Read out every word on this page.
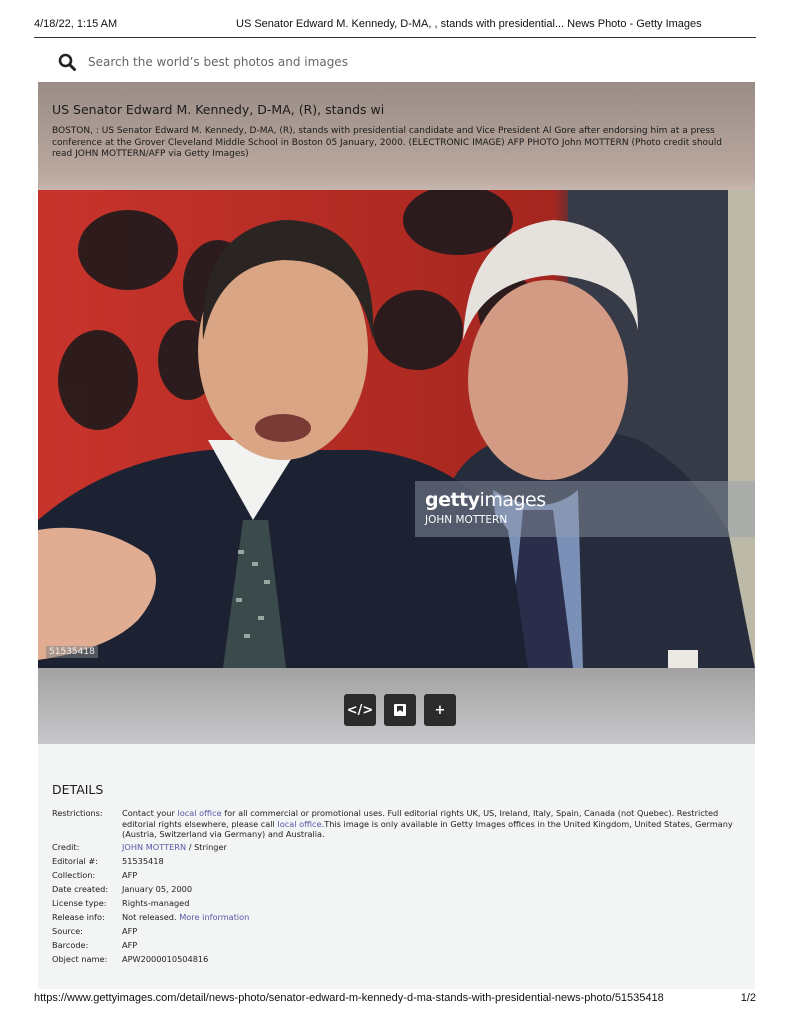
4/18/22, 1:15 AM	US Senator Edward M. Kennedy, D-MA, , stands with presidential... News Photo - Getty Images
Search the world’s best photos and images
US Senator Edward M. Kennedy, D-MA, (R), stands wi
BOSTON, : US Senator Edward M. Kennedy, D-MA, (R), stands with presidential candidate and Vice President Al Gore after endorsing him at a press conference at the Grover Cleveland Middle School in Boston 05 January, 2000. (ELECTRONIC IMAGE) AFP PHOTO John MOTTERN (Photo credit should read JOHN MOTTERN/AFP via Getty Images)
gettyimages
JOHN MOTTERN
51535418
</>	+
DETAILS
Restrictions:	Contact your local office for all commercial or promotional uses. Full editorial rights UK, US, Ireland, Italy, Spain, Canada (not Quebec). Restricted editorial rights elsewhere, please call local office.This image is only available in Getty Images offices in the United Kingdom, United States, Germany (Austria, Switzerland via Germany) and Australia.
Credit:	JOHN MOTTERN / Stringer
Editorial #:	51535418
Collection:	AFP
Date created:	January 05, 2000
License type:	Rights-managed
Release info:	Not released. More information
Source:	AFP
Barcode:	AFP
Object name:	APW2000010504816
https://www.gettyimages.com/detail/news-photo/senator-edward-m-kennedy-d-ma-stands-with-presidential-news-photo/51535418	1/2
